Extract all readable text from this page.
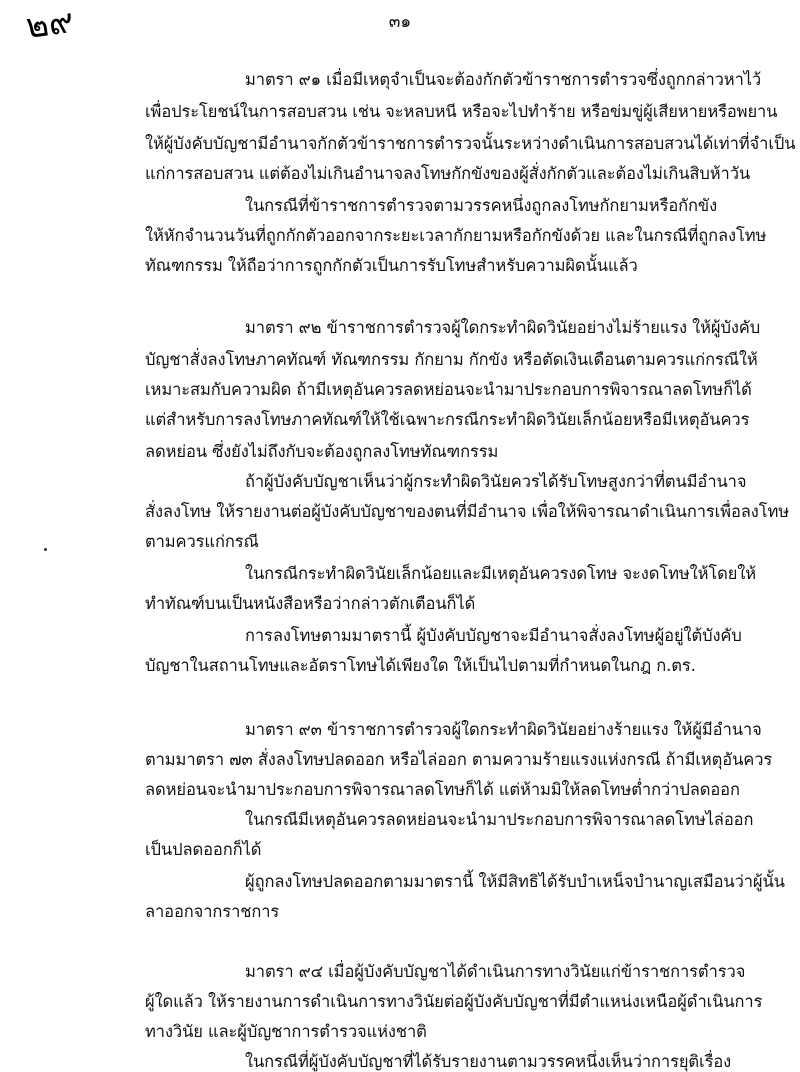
๒๙	๓๑
มาตรา ๙๑ เมื่อมีเหตุจำเป็นจะต้องกักตัวข้าราชการตำรวจซึ่งถูกกล่าวหาไว้
เพื่อประโยชน์ในการสอบสวน เช่น จะหลบหนี หรือจะไปทำร้าย หรือข่มขู่ผู้เสียหายหรือพยาน
ให้ผู้บังคับบัญชามีอำนาจกักตัวข้าราชการตำรวจนั้นระหว่างดำเนินการสอบสวนได้เท่าที่จำเป็น
แก่การสอบสวน แต่ต้องไม่เกินอำนาจลงโทษกักขังของผู้สั่งกักตัวและต้องไม่เกินสิบห้าวัน
ในกรณีที่ข้าราชการตำรวจตามวรรคหนึ่งถูกลงโทษกักยามหรือกักขัง
ให้หักจำนวนวันที่ถูกกักตัวออกจากระยะเวลากักยามหรือกักขังด้วย และในกรณีที่ถูกลงโทษ
ทัณฑกรรม ให้ถือว่าการถูกกักตัวเป็นการรับโทษสำหรับความผิดนั้นแล้ว
มาตรา ๙๒ ข้าราชการตำรวจผู้ใดกระทำผิดวินัยอย่างไม่ร้ายแรง ให้ผู้บังคับ
บัญชาสั่งลงโทษภาคทัณฑ์ ทัณฑกรรม กักยาม กักขัง หรือตัดเงินเดือนตามควรแก่กรณีให้
เหมาะสมกับความผิด ถ้ามีเหตุอันควรลดหย่อนจะนำมาประกอบการพิจารณาลดโทษก็ได้
แต่สำหรับการลงโทษภาคทัณฑ์ให้ใช้เฉพาะกรณีกระทำผิดวินัยเล็กน้อยหรือมีเหตุอันควร
ลดหย่อน ซึ่งยังไม่ถึงกับจะต้องถูกลงโทษทัณฑกรรม
ถ้าผู้บังคับบัญชาเห็นว่าผู้กระทำผิดวินัยควรได้รับโทษสูงกว่าที่ตนมีอำนาจ
สั่งลงโทษ ให้รายงานต่อผู้บังคับบัญชาของตนที่มีอำนาจ เพื่อให้พิจารณาดำเนินการเพื่อลงโทษ
ตามควรแก่กรณี
ในกรณีกระทำผิดวินัยเล็กน้อยและมีเหตุอันควรงดโทษ จะงดโทษให้โดยให้
ทำทัณฑ์บนเป็นหนังสือหรือว่ากล่าวตักเตือนก็ได้
การลงโทษตามมาตรานี้ ผู้บังคับบัญชาจะมีอำนาจสั่งลงโทษผู้อยู่ใต้บังคับ
บัญชาในสถานโทษและอัตราโทษได้เพียงใด ให้เป็นไปตามที่กำหนดในกฎ ก.ตร.
มาตรา ๙๓ ข้าราชการตำรวจผู้ใดกระทำผิดวินัยอย่างร้ายแรง ให้ผู้มีอำนาจ
ตามมาตรา ๗๓ สั่งลงโทษปลดออก หรือไล่ออก ตามความร้ายแรงแห่งกรณี ถ้ามีเหตุอันควร
ลดหย่อนจะนำมาประกอบการพิจารณาลดโทษก็ได้ แต่ห้ามมิให้ลดโทษต่ำกว่าปลดออก
ในกรณีมีเหตุอันควรลดหย่อนจะนำมาประกอบการพิจารณาลดโทษไล่ออก
เป็นปลดออกก็ได้
ผู้ถูกลงโทษปลดออกตามมาตรานี้ ให้มีสิทธิได้รับบำเหน็จบำนาญเสมือนว่าผู้นั้น
ลาออกจากราชการ
มาตรา ๙๔ เมื่อผู้บังคับบัญชาได้ดำเนินการทางวินัยแก่ข้าราชการตำรวจ
ผู้ใดแล้ว ให้รายงานการดำเนินการทางวินัยต่อผู้บังคับบัญชาที่มีตำแหน่งเหนือผู้ดำเนินการ
ทางวินัย และผู้บัญชาการตำรวจแห่งชาติ
ในกรณีที่ผู้บังคับบัญชาที่ได้รับรายงานตามวรรคหนึ่งเห็นว่าการยุติเรื่อง
